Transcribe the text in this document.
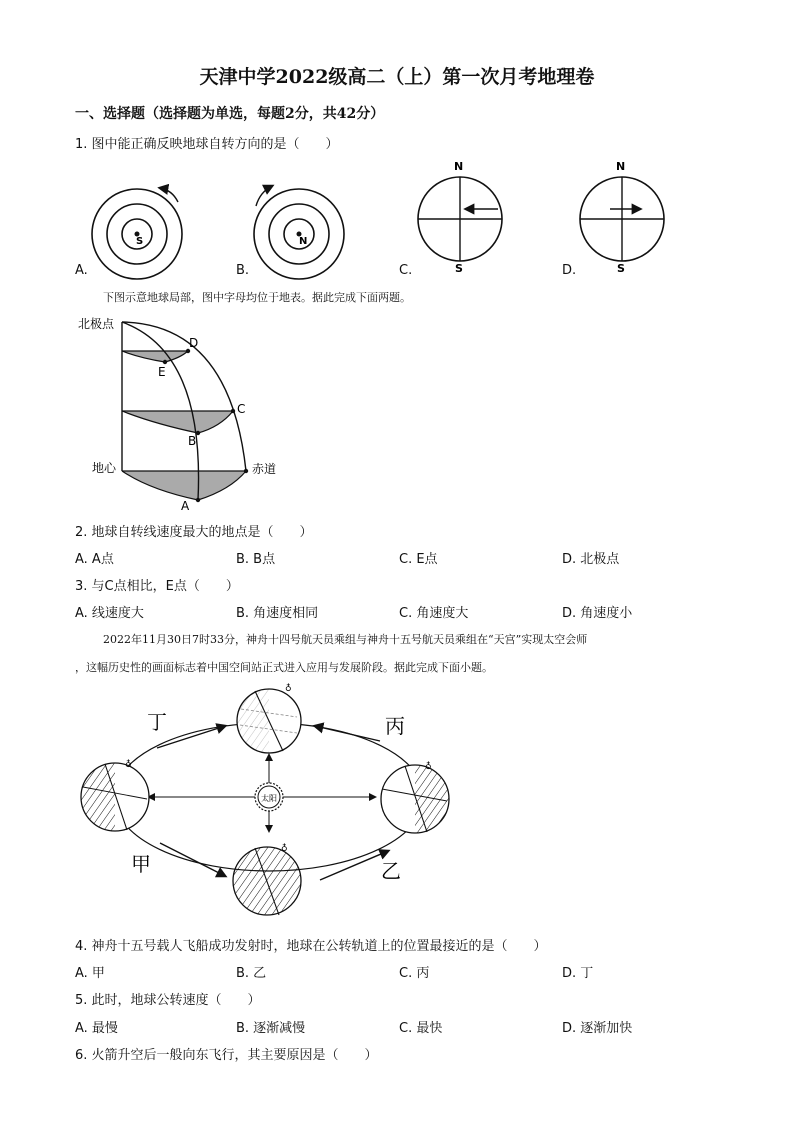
天津中学2022级高二（上）第一次月考地理卷
一、选择题（选择题为单选，每题2分，共42分）
1. 图中能正确反映地球自转方向的是（　　）
S	N
N
S
N
S
A.	B.	C.	D.
下图示意地球局部，图中字母均位于地表。据此完成下面两题。
D
E
C
B
A
北极点
地心	赤道
2. 地球自转线速度最大的地点是（　　）
A. A点	B. B点	C. E点	D. 北极点
3. 与C点相比，E点（　　）
A. 线速度大	B. 角速度相同	C. 角速度大	D. 角速度小
2022年11月30日7时33分，神舟十四号航天员乘组与神舟十五号航天员乘组在“天宫”实现太空会师
，这幅历史性的画面标志着中国空间站正式进入应用与发展阶段。据此完成下面小题。
太阳
♁
♁	♁
♁
丁	丙
甲	乙
4. 神舟十五号载人飞船成功发射时，地球在公转轨道上的位置最接近的是（　　）
A. 甲	B. 乙	C. 丙	D. 丁
5. 此时，地球公转速度（　　）
A. 最慢	B. 逐渐减慢	C. 最快	D. 逐渐加快
6. 火箭升空后一般向东飞行，其主要原因是（　　）
